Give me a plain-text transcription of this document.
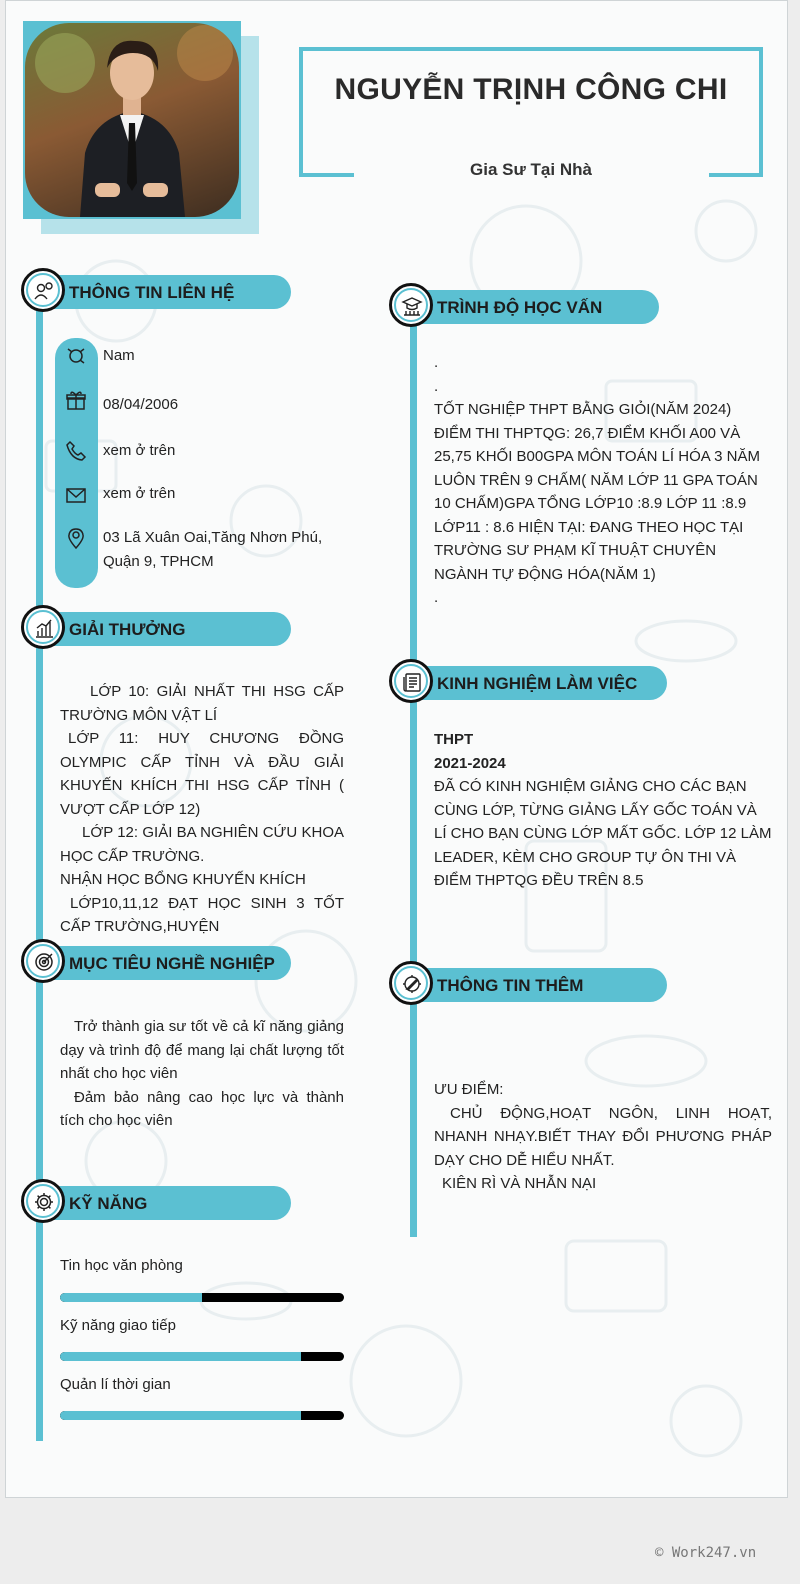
NGUYỄN TRỊNH CÔNG CHI
Gia Sư Tại Nhà
THÔNG TIN LIÊN HỆ
Nam
08/04/2006
xem ở trên
xem ở trên
03 Lã Xuân Oai,Tăng Nhơn Phú,
Quận 9, TPHCM
GIẢI THƯỞNG
LỚP 10: GIẢI NHẤT THI HSG CẤP TRƯỜNG MÔN VẬT LÍ
LỚP 11: HUY CHƯƠNG ĐỒNG OLYMPIC CẤP TỈNH VÀ ĐẦU GIẢI KHUYẾN KHÍCH THI HSG CẤP TỈNH ( VƯỢT CẤP LỚP 12)
LỚP 12: GIẢI BA NGHIÊN CỨU KHOA HỌC CẤP TRƯỜNG.
NHẬN HỌC BỔNG KHUYẾN KHÍCH
LỚP10,11,12 ĐẠT HỌC SINH 3 TỐT CẤP TRƯỜNG,HUYỆN
MỤC TIÊU NGHỀ NGHIỆP
Trở thành gia sư tốt về cả kĩ năng giảng dạy và trình độ để mang lại chất lượng tốt nhất cho học viên
Đảm bảo nâng cao học lực và thành tích cho học viên
KỸ NĂNG
Tin học văn phòng
Kỹ năng giao tiếp
Quản lí thời gian
TRÌNH ĐỘ HỌC VẤN
.
.
TỐT NGHIỆP THPT BẰNG GIỎI(NĂM 2024) ĐIỂM THI THPTQG: 26,7 ĐIỂM KHỐI A00 VÀ 25,75 KHỐI B00GPA MÔN TOÁN LÍ HÓA 3 NĂM LUÔN TRÊN 9 CHẤM( NĂM LỚP 11 GPA TOÁN 10 CHẤM)GPA TỔNG LỚP10 :8.9 LỚP 11 :8.9 LỚP11 : 8.6 HIỆN TẠI: ĐANG THEO HỌC TẠI TRƯỜNG SƯ PHẠM KĨ THUẬT CHUYÊN NGÀNH TỰ ĐỘNG HÓA(NĂM 1)
.
KINH NGHIỆM LÀM VIỆC
THPT
2021-2024
ĐÃ CÓ KINH NGHIỆM GIẢNG CHO CÁC BẠN CÙNG LỚP, TỪNG GIẢNG LẤY GỐC TOÁN VÀ LÍ CHO BẠN CÙNG LỚP MẤT GỐC. LỚP 12 LÀM LEADER, KÈM CHO GROUP TỰ ÔN THI VÀ ĐIỂM THPTQG ĐỀU TRÊN 8.5
THÔNG TIN THÊM
ƯU ĐIỂM:
CHỦ ĐỘNG,HOẠT NGÔN, LINH HOẠT, NHANH NHẠY.BIẾT THAY ĐỔI PHƯƠNG PHÁP DẠY CHO DỄ HIỂU NHẤT.
KIÊN RÌ VÀ NHẪN NẠI
© Work247.vn
